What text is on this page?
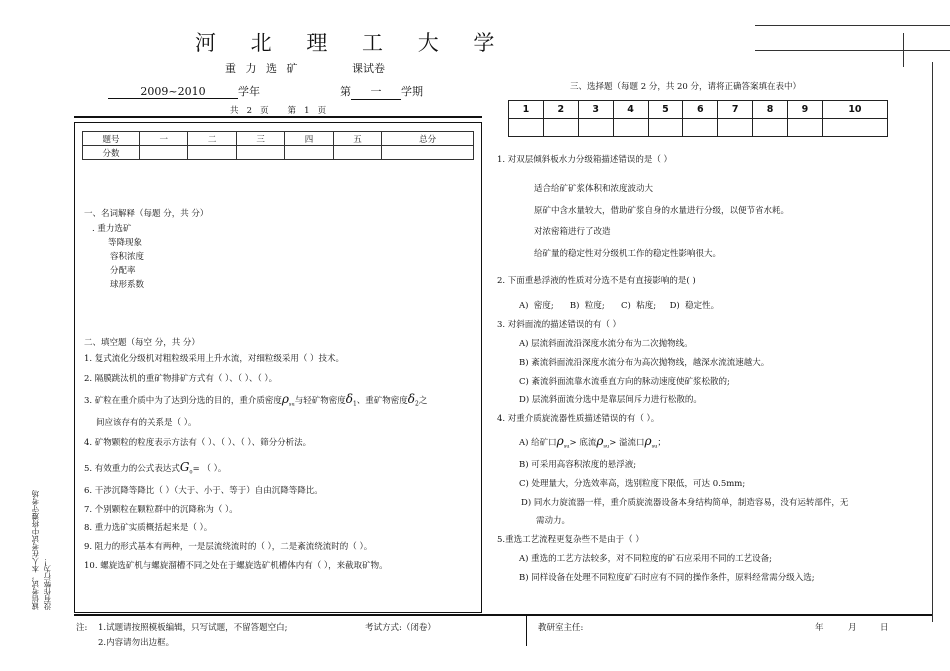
河 北 理 工 大 学
重 力 选 矿	课试卷
2009~2010	学年	第 一 学期
共   2   页       第   1   页
题号	一	二	三	四	五	总分
分数						
一、名词解释（每题 分，共 分）
. 重力选矿
等降现象
容积浓度
分配率
球形系数
二、填空题（每空 分，共 分）
1. 复式流化分级机对粗粒级采用上升水流，对细粒级采用（ ）技术。
2. 隔膜跳汰机的重矿物排矿方式有（ ）、（ ）、（ ）。
3. 矿粒在重介质中为了达到分选的目的，重介质密度$\rho_{su}$与轻矿物密度$\delta_1$、重矿物密度$\delta_2$之
间应该存有的关系是（ ）。
4. 矿物颗粒的粒度表示方法有（ ）、（ ）、（ ）、筛分分析法。
5. 有效重力的公式表达式$G_0=$ （ ）。
6. 干涉沉降等降比（ ）（大于、小于、等于）自由沉降等降比。
7. 个别颗粒在颗粒群中的沉降称为（ ）。
8. 重力选矿实质概括起来是（ ）。
9. 阻力的形式基本有两种，一是层流绕流时的（ ），二是紊流绕流时的（ ）。
10. 螺旋选矿机与螺旋溜槽不同之处在于螺旋选矿机槽体内有（ ），来截取矿物。
诚信考试，本人在考试中将遵守考场 没有作弊行为！
三、选择题（每题 2 分，共 20 分，请将正确答案填在表中）
1	2	3	4	5	6	7	8	9	10

1. 对双层倾斜板水力分级箱描述错误的是（ ）
适合给矿矿浆体积和浓度波动大
原矿中含水量较大，借助矿浆自身的水量进行分级，以便节省水耗。
对浓密箱进行了改造
给矿量的稳定性对分级机工作的稳定性影响很大。
2. 下面重悬浮液的性质对分选不是有直接影响的是( )
A)  密度;      B)  粒度;      C)  粘度;     D)  稳定性。
3. 对斜面流的描述错误的有（ ）
A) 层流斜面流沿深度水流分布为二次抛物线。
B) 紊流斜面流沿深度水流分布为高次抛物线，越深水流流速越大。
C) 紊流斜面流靠水流垂直方向的脉动速度使矿浆松散的;
D) 层流斜面流分选中是靠层间斥力进行松散的。
4. 对重介质旋流器性质描述错误的有（ ）。
A) 给矿口$\rho_{su}>$ 底流$\rho_{su}>$ 溢流口$\rho_{su}$；
B) 可采用高容积浓度的悬浮液;
C) 处理量大，分选效率高，选别粒度下限低，可达 0.5mm;
D) 同水力旋流器一样，重介质旋流器设备本身结构简单，制造容易，没有运转部件，无
需动力。
5.重选工艺流程更复杂些不是由于（ ）
A) 重选的工艺方法较多，对不同粒度的矿石应采用不同的工艺设备;
B) 同样设备在处理不同粒度矿石时应有不同的操作条件，原料经常需分级入选;
注: 1.试题请按照模板编辑，只写试题，不留答题空白;	考试方式:（闭卷）
2.内容请勿出边框。
教研室主任:	年	月	日
